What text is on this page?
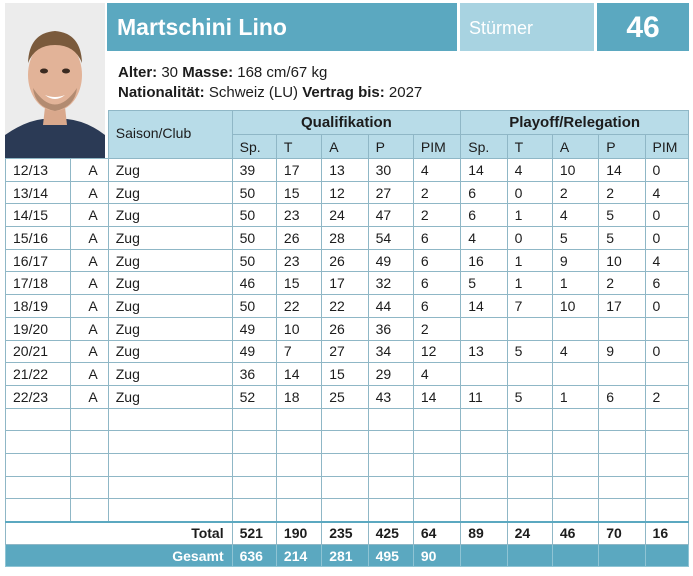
Martschini Lino	Stürmer	46
Alter: 30 Masse: 168 cm/67 kg
Nationalität: Schweiz (LU) Vertrag bis: 2027
		Saison/Club	Qualifikation					Playoff/Relegation				
			Sp.	T	A	P	PIM	Sp.	T	A	P	PIM
12/13	A	Zug	39	17	13	30	4	14	4	10	14	0
13/14	A	Zug	50	15	12	27	2	6	0	2	2	4
14/15	A	Zug	50	23	24	47	2	6	1	4	5	0
15/16	A	Zug	50	26	28	54	6	4	0	5	5	0
16/17	A	Zug	50	23	26	49	6	16	1	9	10	4
17/18	A	Zug	46	15	17	32	6	5	1	1	2	6
18/19	A	Zug	50	22	22	44	6	14	7	10	17	0
19/20	A	Zug	49	10	26	36	2					
20/21	A	Zug	49	7	27	34	12	13	5	4	9	0
21/22	A	Zug	36	14	15	29	4					
22/23	A	Zug	52	18	25	43	14	11	5	1	6	2

Total			521	190	235	425	64	89	24	46	70	16
Gesamt			636	214	281	495	90					
